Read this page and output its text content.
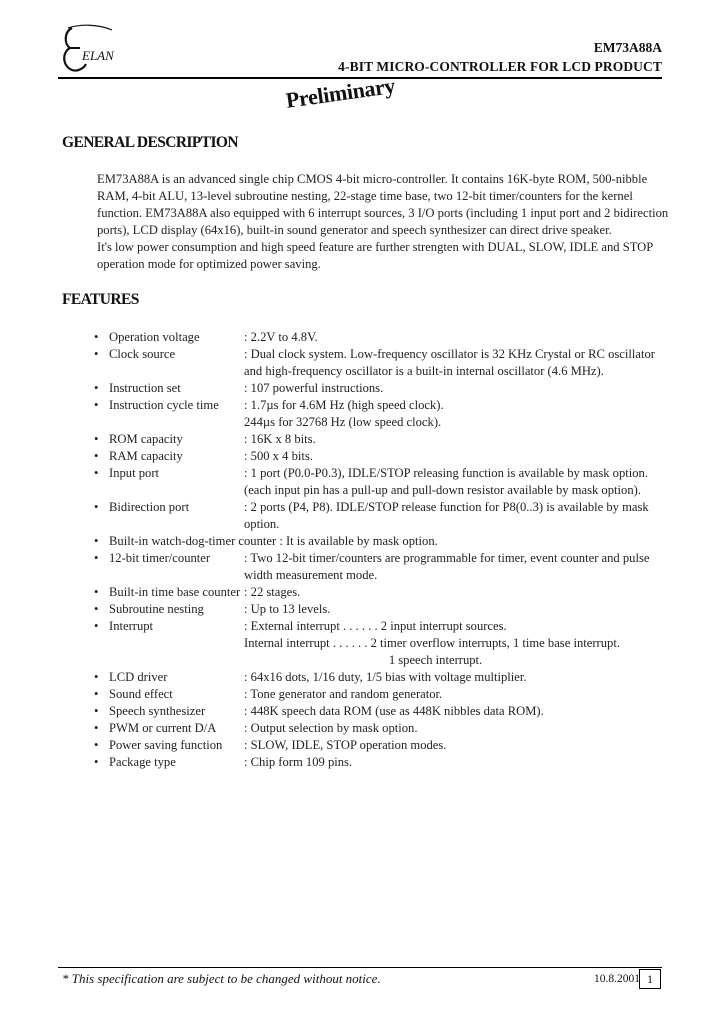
ELAN
EM73A88A
4-BIT MICRO-CONTROLLER FOR LCD PRODUCT
Preliminary
GENERAL DESCRIPTION
EM73A88A is an advanced single chip CMOS 4-bit micro-controller. It contains 16K-byte ROM, 500-nibble
RAM, 4-bit ALU, 13-level subroutine nesting, 22-stage time base, two 12-bit timer/counters for the kernel
function. EM73A88A also equipped with 6 interrupt sources, 3 I/O ports (including 1 input port and 2 bidirection
ports), LCD display (64x16), built-in sound generator and speech synthesizer can direct drive speaker.
It's low power consumption and high speed feature are further strengten with DUAL, SLOW, IDLE and STOP
operation mode for optimized power saving.
FEATURES
• Operation voltage	: 2.2V to 4.8V.
• Clock source	: Dual clock system. Low-frequency oscillator is 32 KHz Crystal or RC oscillator
and high-frequency oscillator is a built-in internal oscillator (4.6 MHz).
• Instruction set	: 107 powerful instructions.
• Instruction cycle time : 1.7µs for 4.6M Hz (high speed clock).
244µs for 32768 Hz (low speed clock).
• ROM capacity	: 16K x 8 bits.
• RAM capacity	: 500 x 4 bits.
• Input port	: 1 port (P0.0-P0.3), IDLE/STOP releasing function is available by mask option.
(each input pin has a pull-up and pull-down resistor available by mask option).
• Bidirection port	: 2 ports (P4, P8). IDLE/STOP release function for P8(0..3) is available by mask
option.
• Built-in watch-dog-timer counter : It is available by mask option.
• 12-bit timer/counter	: Two 12-bit timer/counters are programmable for timer, event counter and pulse
width measurement mode.
• Built-in time base counter : 22 stages.
• Subroutine nesting	: Up to 13 levels.
• Interrupt	: External interrupt . . . . . . 2 input interrupt sources.
Internal interrupt . . . . . . 2 timer overflow interrupts, 1 time base interrupt.
1 speech interrupt.
• LCD driver	: 64x16 dots, 1/16 duty, 1/5 bias with voltage multiplier.
• Sound effect	: Tone generator and random generator.
• Speech synthesizer	: 448K speech data ROM (use as 448K nibbles data ROM).
• PWM or current D/A : Output selection by mask option.
• Power saving function : SLOW, IDLE, STOP operation modes.
• Package type	: Chip form 109 pins.
* This specification are subject to be changed without notice.	10.8.2001 1
